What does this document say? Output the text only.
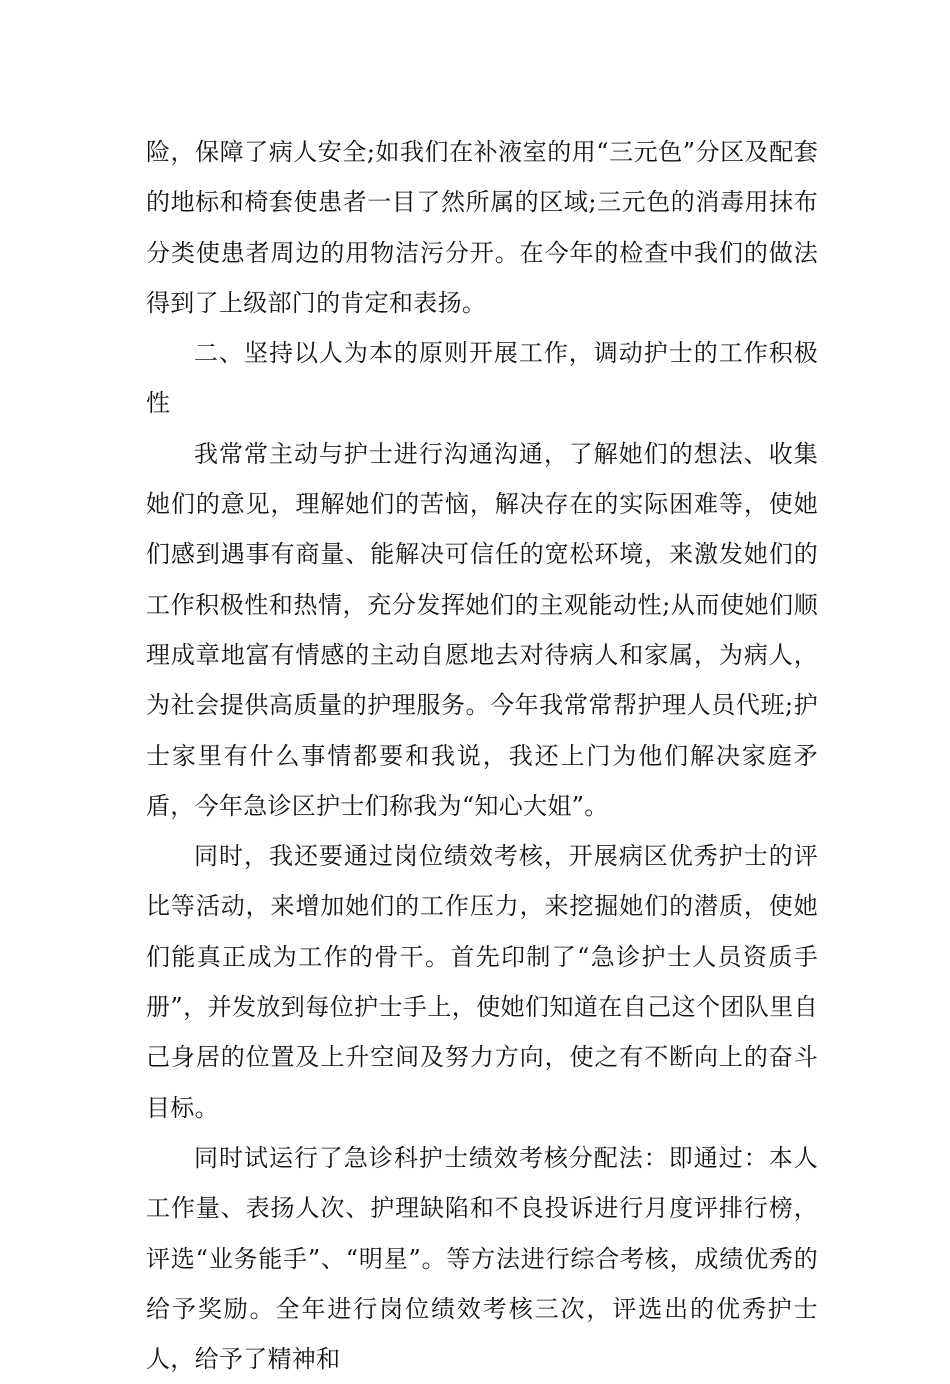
险，保障了病人安全;如我们在补液室的用“三元色”分区及配套的地标和椅套使患者一目了然所属的区域;三元色的消毒用抹布分类使患者周边的用物洁污分开。在今年的检查中我们的做法得到了上级部门的肯定和表扬。

二、坚持以人为本的原则开展工作，调动护士的工作积极性

我常常主动与护士进行沟通沟通，了解她们的想法、收集她们的意见，理解她们的苦恼，解决存在的实际困难等，使她们感到遇事有商量、能解决可信任的宽松环境，来激发她们的工作积极性和热情，充分发挥她们的主观能动性;从而使她们顺理成章地富有情感的主动自愿地去对待病人和家属，为病人，为社会提供高质量的护理服务。今年我常常帮护理人员代班;护士家里有什么事情都要和我说，我还上门为他们解决家庭矛盾，今年急诊区护士们称我为“知心大姐”。

同时，我还要通过岗位绩效考核，开展病区优秀护士的评比等活动，来增加她们的工作压力，来挖掘她们的潜质，使她们能真正成为工作的骨干。首先印制了“急诊护士人员资质手册”，并发放到每位护士手上，使她们知道在自己这个团队里自己身居的位置及上升空间及努力方向，使之有不断向上的奋斗目标。

同时试运行了急诊科护士绩效考核分配法：即通过：本人工作量、表扬人次、护理缺陷和不良投诉进行月度评排行榜，评选“业务能手”、“明星”。等方法进行综合考核，成绩优秀的给予奖励。全年进行岗位绩效考核三次，评选出的优秀护士人，给予了精神和
